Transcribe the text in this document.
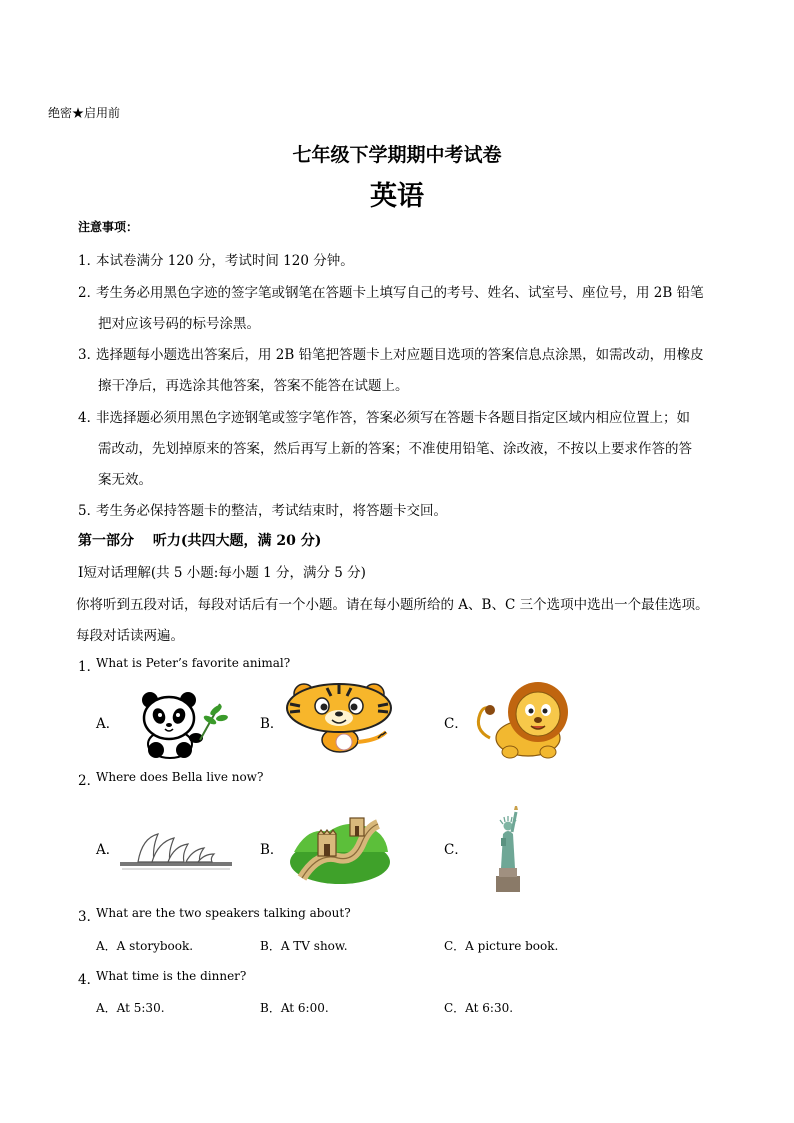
绝密★启用前
七年级下学期期中考试卷
英语
注意事项：
1．
本试卷满分 120 分，考试时间 120 分钟。
2．
考生务必用黑色字迹的签字笔或钢笔在答题卡上填写自己的考号、姓名、试室号、座位号，用 2B 铅笔
把对应该号码的标号涂黑。
3．
选择题每小题选出答案后，用 2B 铅笔把答题卡上对应题目选项的答案信息点涂黑，如需改动，用橡皮
擦干净后，再选涂其他答案，答案不能答在试题上。
4．
非选择题必须用黑色字迹钢笔或签字笔作答，答案必须写在答题卡各题目指定区域内相应位置上；如
需改动，先划掉原来的答案，然后再写上新的答案；不准使用铅笔、涂改液，不按以上要求作答的答
案无效。
5．
考生务必保持答题卡的整洁，考试结束时，将答题卡交回。
第一部分　 听力(共四大题，满 20 分)
Ⅰ短对话理解(共 5 小题:每小题 1 分，满分 5 分)
你将听到五段对话，每段对话后有一个小题。请在每小题所给的 A、B、C 三个选项中选出一个最佳选项。
每段对话读两遍。
1．
What is Peter’s favorite animal?
A．	B．	C．
2．
Where does Bella live now?
A．	B．	C．
3．
What are the two speakers talking about?
A．A storybook.	B．A TV show.	C．A picture book.
4．
What time is the dinner?
A．At 5:30.	B．At 6:00.	C．At 6:30.
